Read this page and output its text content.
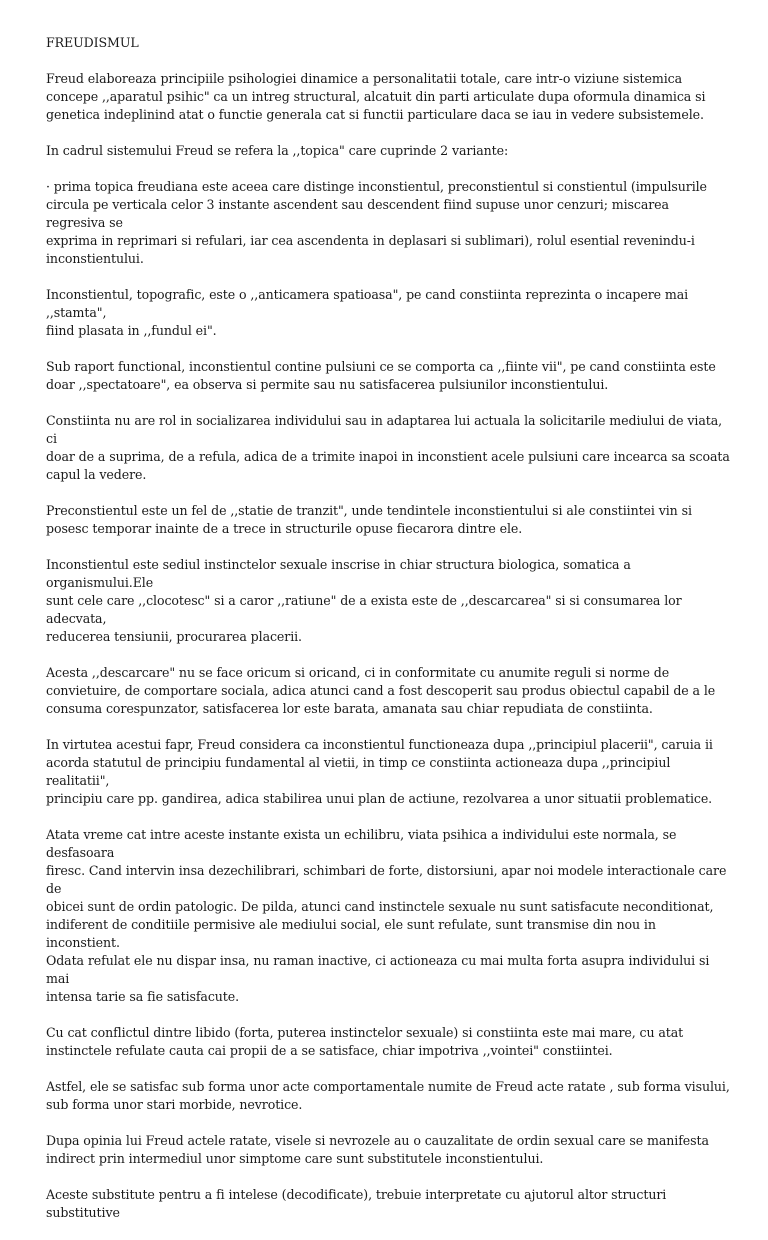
FREUDISMUL
Freud elaboreaza principiile psihologiei dinamice a personalitatii totale, care intr-o viziune sistemica
concepe ,,aparatul psihic" ca un intreg structural, alcatuit din parti articulate dupa oformula dinamica si
genetica indeplinind atat o functie generala cat si functii particulare daca se iau in vedere subsistemele.
In cadrul sistemului Freud se refera la ,,topica" care cuprinde 2 variante:
· prima topica freudiana este aceea care distinge inconstientul, preconstientul si constientul (impulsurile
circula pe verticala celor 3 instante ascendent sau descendent fiind supuse unor cenzuri; miscarea regresiva se
exprima in reprimari si refulari, iar cea ascendenta in deplasari si sublimari), rolul esential revenindu-i
inconstientului.
Inconstientul, topografic, este o ,,anticamera spatioasa", pe cand constiinta reprezinta o incapere mai ,,stamta",
fiind plasata in ,,fundul ei".
Sub raport functional, inconstientul contine pulsiuni ce se comporta ca ,,fiinte vii", pe cand constiinta este
doar ,,spectatoare", ea observa si permite sau nu satisfacerea pulsiunilor inconstientului.
Constiinta nu are rol in socializarea individului sau in adaptarea lui actuala la solicitarile mediului de viata, ci
doar de a suprima, de a refula, adica de a trimite inapoi in inconstient acele pulsiuni care incearca sa scoata
capul la vedere.
Preconstientul este un fel de ,,statie de tranzit", unde tendintele inconstientului si ale constiintei vin si
posesc temporar inainte de a trece in structurile opuse fiecarora dintre ele.
Inconstientul este sediul instinctelor sexuale inscrise in chiar structura biologica, somatica a organismului.Ele
sunt cele care ,,clocotesc" si a caror ,,ratiune" de a exista este de ,,descarcarea" si si consumarea lor adecvata,
reducerea tensiunii, procurarea placerii.
Acesta ,,descarcare" nu se face oricum si oricand, ci in conformitate cu anumite reguli si norme de
convietuire, de comportare sociala, adica atunci cand a fost descoperit sau produs obiectul capabil de a le
consuma corespunzator, satisfacerea lor este barata, amanata sau chiar repudiata de constiinta.
In virtutea acestui fapr, Freud considera ca inconstientul functioneaza dupa ,,principiul placerii", caruia ii
acorda statutul de principiu fundamental al vietii, in timp ce constiinta actioneaza dupa ,,principiul realitatii",
principiu care pp. gandirea, adica stabilirea unui plan de actiune, rezolvarea a unor situatii problematice.
Atata vreme cat intre aceste instante exista un echilibru, viata psihica a individului este normala, se desfasoara
firesc. Cand intervin insa dezechilibrari, schimbari de forte, distorsiuni, apar noi modele interactionale care de
obicei sunt de ordin patologic. De pilda, atunci cand instinctele sexuale nu sunt satisfacute neconditionat,
indiferent de conditiile permisive ale mediului social, ele sunt refulate, sunt transmise din nou in inconstient.
Odata refulat ele nu dispar insa, nu raman inactive, ci actioneaza cu mai multa forta asupra individului si mai
intensa tarie sa fie satisfacute.
Cu cat conflictul dintre libido (forta, puterea instinctelor sexuale) si constiinta este mai mare, cu atat
instinctele refulate cauta cai propii de a se satisface, chiar impotriva ,,vointei" constiintei.
Astfel, ele se satisfac sub forma unor acte comportamentale numite de Freud acte ratate , sub forma visului,
sub forma unor stari morbide, nevrotice.
Dupa opinia lui Freud actele ratate, visele si nevrozele au o cauzalitate de ordin sexual care se manifesta
indirect prin intermediul unor simptome care sunt substitutele inconstientului.
Aceste substitute pentru a fi intelese (decodificate), trebuie interpretate cu ajutorul altor structuri substitutive
